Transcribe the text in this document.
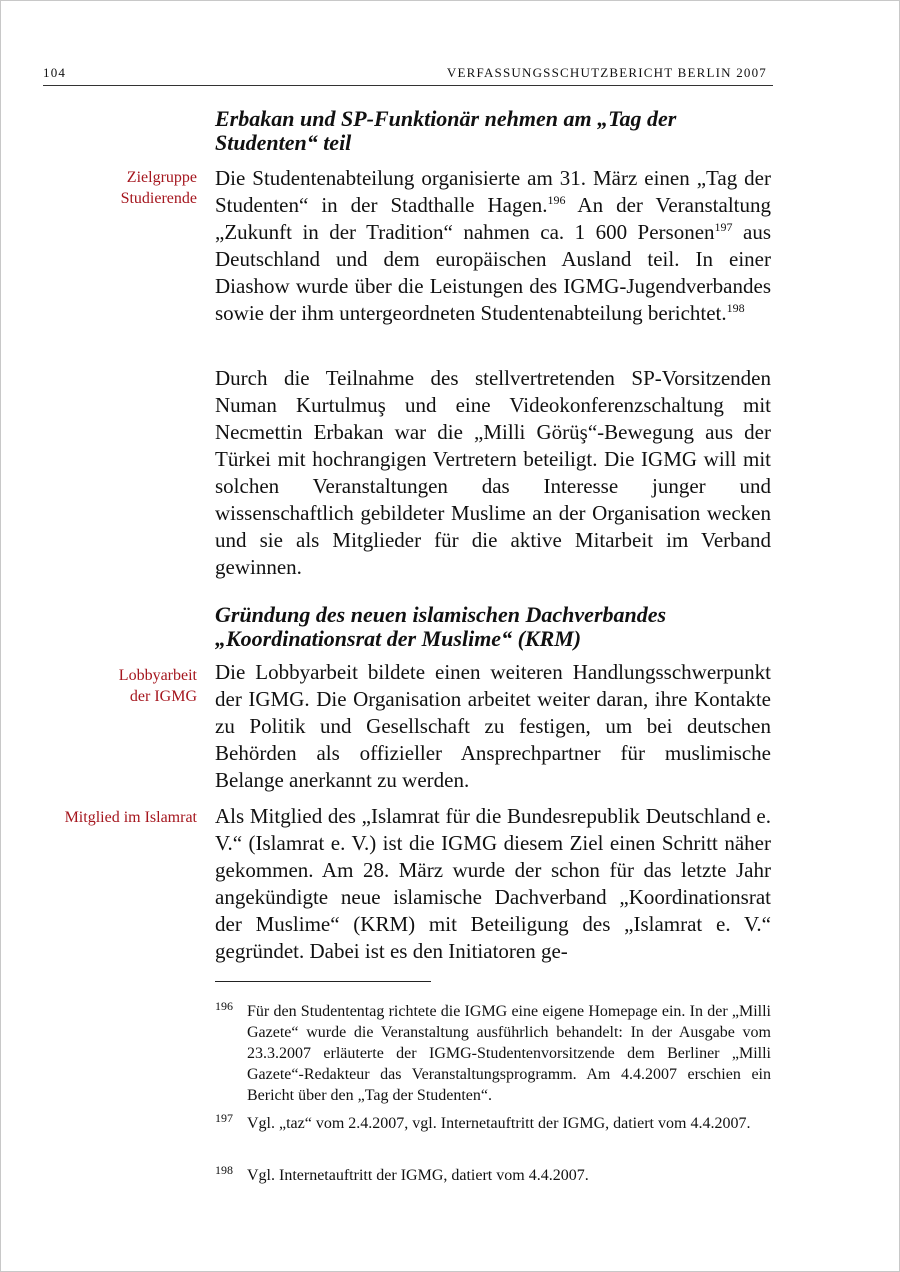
104	VERFASSUNGSSCHUTZBERICHT BERLIN 2007
Erbakan und SP-Funktionär nehmen am „Tag der Studenten“ teil
Zielgruppe
Studierende

Die Studentenabteilung organisierte am 31. März einen „Tag der Studenten“ in der Stadthalle Hagen.$^{196}$ An der Veranstaltung „Zukunft in der Tradition“ nahmen ca. 1 600 Personen$^{197}$ aus Deutschland und dem europäischen Ausland teil. In einer Diashow wurde über die Leistungen des IGMG-Jugendverbandes sowie der ihm untergeordneten Studentenabteilung berichtet.$^{198}$

Durch die Teilnahme des stellvertretenden SP-Vorsitzenden Numan Kurtulmuş und eine Videokonferenzschaltung mit Necmettin Erbakan war die „Milli Görüş“-Bewegung aus der Türkei mit hochrangigen Vertretern beteiligt. Die IGMG will mit solchen Veranstaltungen das Interesse junger und wissenschaftlich gebildeter Muslime an der Organisation wecken und sie als Mitglieder für die aktive Mitarbeit im Verband gewinnen.

Gründung des neuen islamischen Dachverbandes
„Koordinationsrat der Muslime“ (KRM)
Lobbyarbeit
der IGMG

Die Lobbyarbeit bildete einen weiteren Handlungsschwerpunkt der IGMG. Die Organisation arbeitet weiter daran, ihre Kontakte zu Politik und Gesellschaft zu festigen, um bei deutschen Behörden als offizieller Ansprechpartner für muslimische Belange anerkannt zu werden.

Mitglied im Islamrat Als Mitglied des „Islamrat für die Bundesrepublik Deutschland e. V.“ (Islamrat e. V.) ist die IGMG diesem Ziel einen Schritt näher gekommen. Am 28. März wurde der schon für das letzte Jahr angekündigte neue islamische Dachverband „Koordinationsrat der Muslime“ (KRM) mit Beteiligung des „Islamrat e. V.“ gegründet. Dabei ist es den Initiatoren ge-

196 Für den Studententag richtete die IGMG eine eigene Homepage ein. In der „Milli Gazete“ wurde die Veranstaltung ausführlich behandelt: In der Ausgabe vom 23.3.2007 erläuterte der IGMG-Studentenvorsitzende dem Berliner „Milli Gazete“-Redakteur das Veranstaltungsprogramm. Am 4.4.2007 erschien ein Bericht über den „Tag der Studenten“.

197 Vgl. „taz“ vom 2.4.2007, vgl. Internetauftritt der IGMG, datiert vom 4.4.2007.

198 Vgl. Internetauftritt der IGMG, datiert vom 4.4.2007.
